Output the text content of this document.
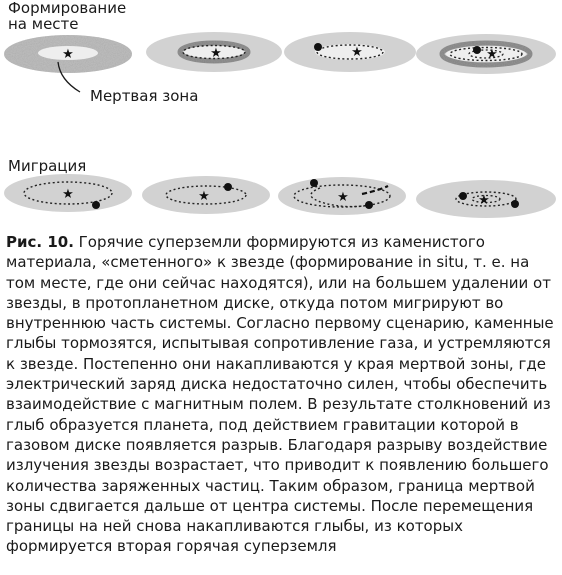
Формирование
на месте
Мертвая зона
Миграция
★	★	★	★
★	★	★	★

Рис. 10. Горячие суперземли формируются из каменистого материала, «сметенного» к звезде (формирование in situ, т. е. на том месте, где они сейчас находятся), или на большем удалении от звезды, в протопланетном диске, откуда потом мигрируют во внутреннюю часть системы. Согласно первому сценарию, каменные глыбы тормозятся, испытывая сопротивление газа, и устремляются к звезде. Постепенно они накапливаются у края мертвой зоны, где электрический заряд диска недостаточно силен, чтобы обеспечить взаимодействие с магнитным полем. В результате столкновений из глыб образуется планета, под действием гравитации которой в газовом диске появляется разрыв. Благодаря разрыву воздействие излучения звезды возрастает, что приводит к появлению большего количества заряженных частиц. Таким образом, граница мертвой зоны сдвигается дальше от центра системы. После перемещения границы на ней снова накапливаются глыбы, из которых формируется вторая горячая суперземля
